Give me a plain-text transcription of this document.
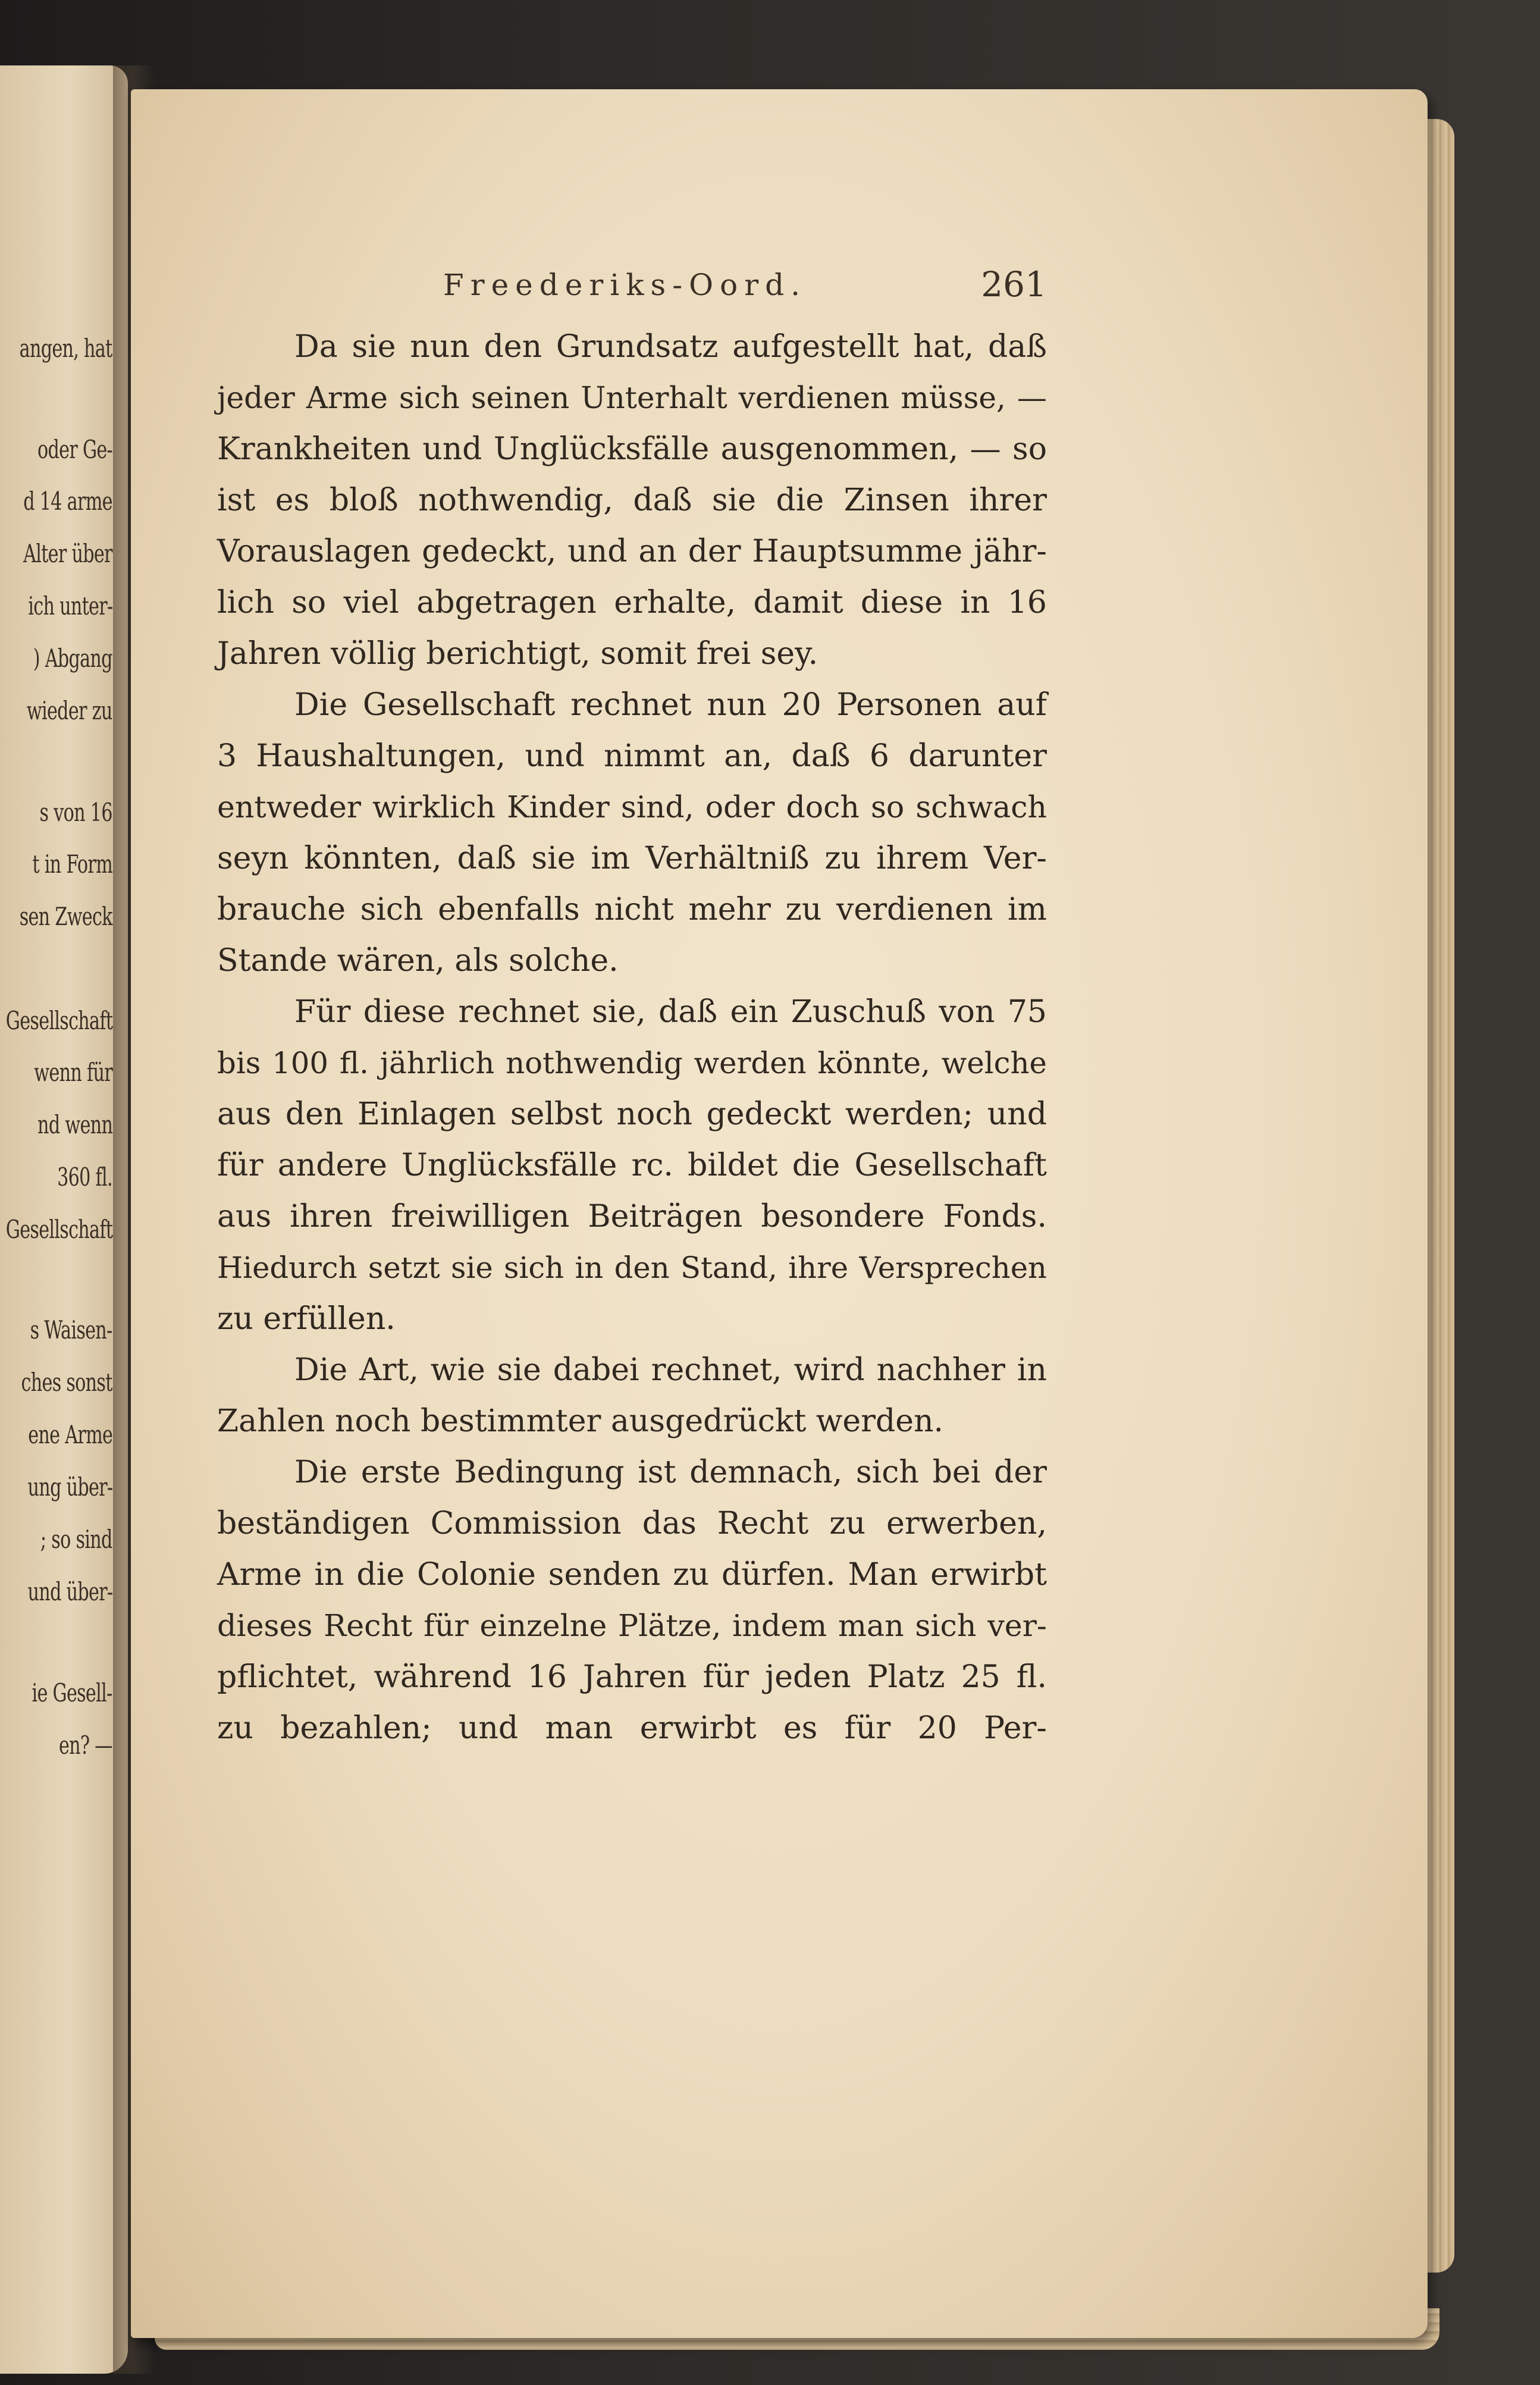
angen, hat
oder Ge-
d 14 arme
Alter über
ich unter-
) Abgang
wieder zu
s von 16
t in Form
sen Zweck
Gesellschaft
wenn für
nd wenn
360 fl.
Gesellschaft
s Waisen-
ches sonst
ene Arme
ung über-
; so sind
und über-
ie Gesell-
en? —
Freederiks-Oord.	261
Da sie nun den Grundsatz aufgestellt hat, daß
jeder Arme sich seinen Unterhalt verdienen müsse, —
Krankheiten und Unglücksfälle ausgenommen, — so
ist es bloß nothwendig, daß sie die Zinsen ihrer
Vorauslagen gedeckt, und an der Hauptsumme jähr-
lich so viel abgetragen erhalte, damit diese in 16
Jahren völlig berichtigt, somit frei sey.
Die Gesellschaft rechnet nun 20 Personen auf
3 Haushaltungen, und nimmt an, daß 6 darunter
entweder wirklich Kinder sind, oder doch so schwach
seyn könnten, daß sie im Verhältniß zu ihrem Ver-
brauche sich ebenfalls nicht mehr zu verdienen im
Stande wären, als solche.
Für diese rechnet sie, daß ein Zuschuß von 75
bis 100 fl. jährlich nothwendig werden könnte, welche
aus den Einlagen selbst noch gedeckt werden; und
für andere Unglücksfälle rc. bildet die Gesellschaft
aus ihren freiwilligen Beiträgen besondere Fonds.
Hiedurch setzt sie sich in den Stand, ihre Versprechen
zu erfüllen.
Die Art, wie sie dabei rechnet, wird nachher in
Zahlen noch bestimmter ausgedrückt werden.
Die erste Bedingung ist demnach, sich bei der
beständigen Commission das Recht zu erwerben,
Arme in die Colonie senden zu dürfen. Man erwirbt
dieses Recht für einzelne Plätze, indem man sich ver-
pflichtet, während 16 Jahren für jeden Platz 25 fl.
zu bezahlen; und man erwirbt es für 20 Per-
